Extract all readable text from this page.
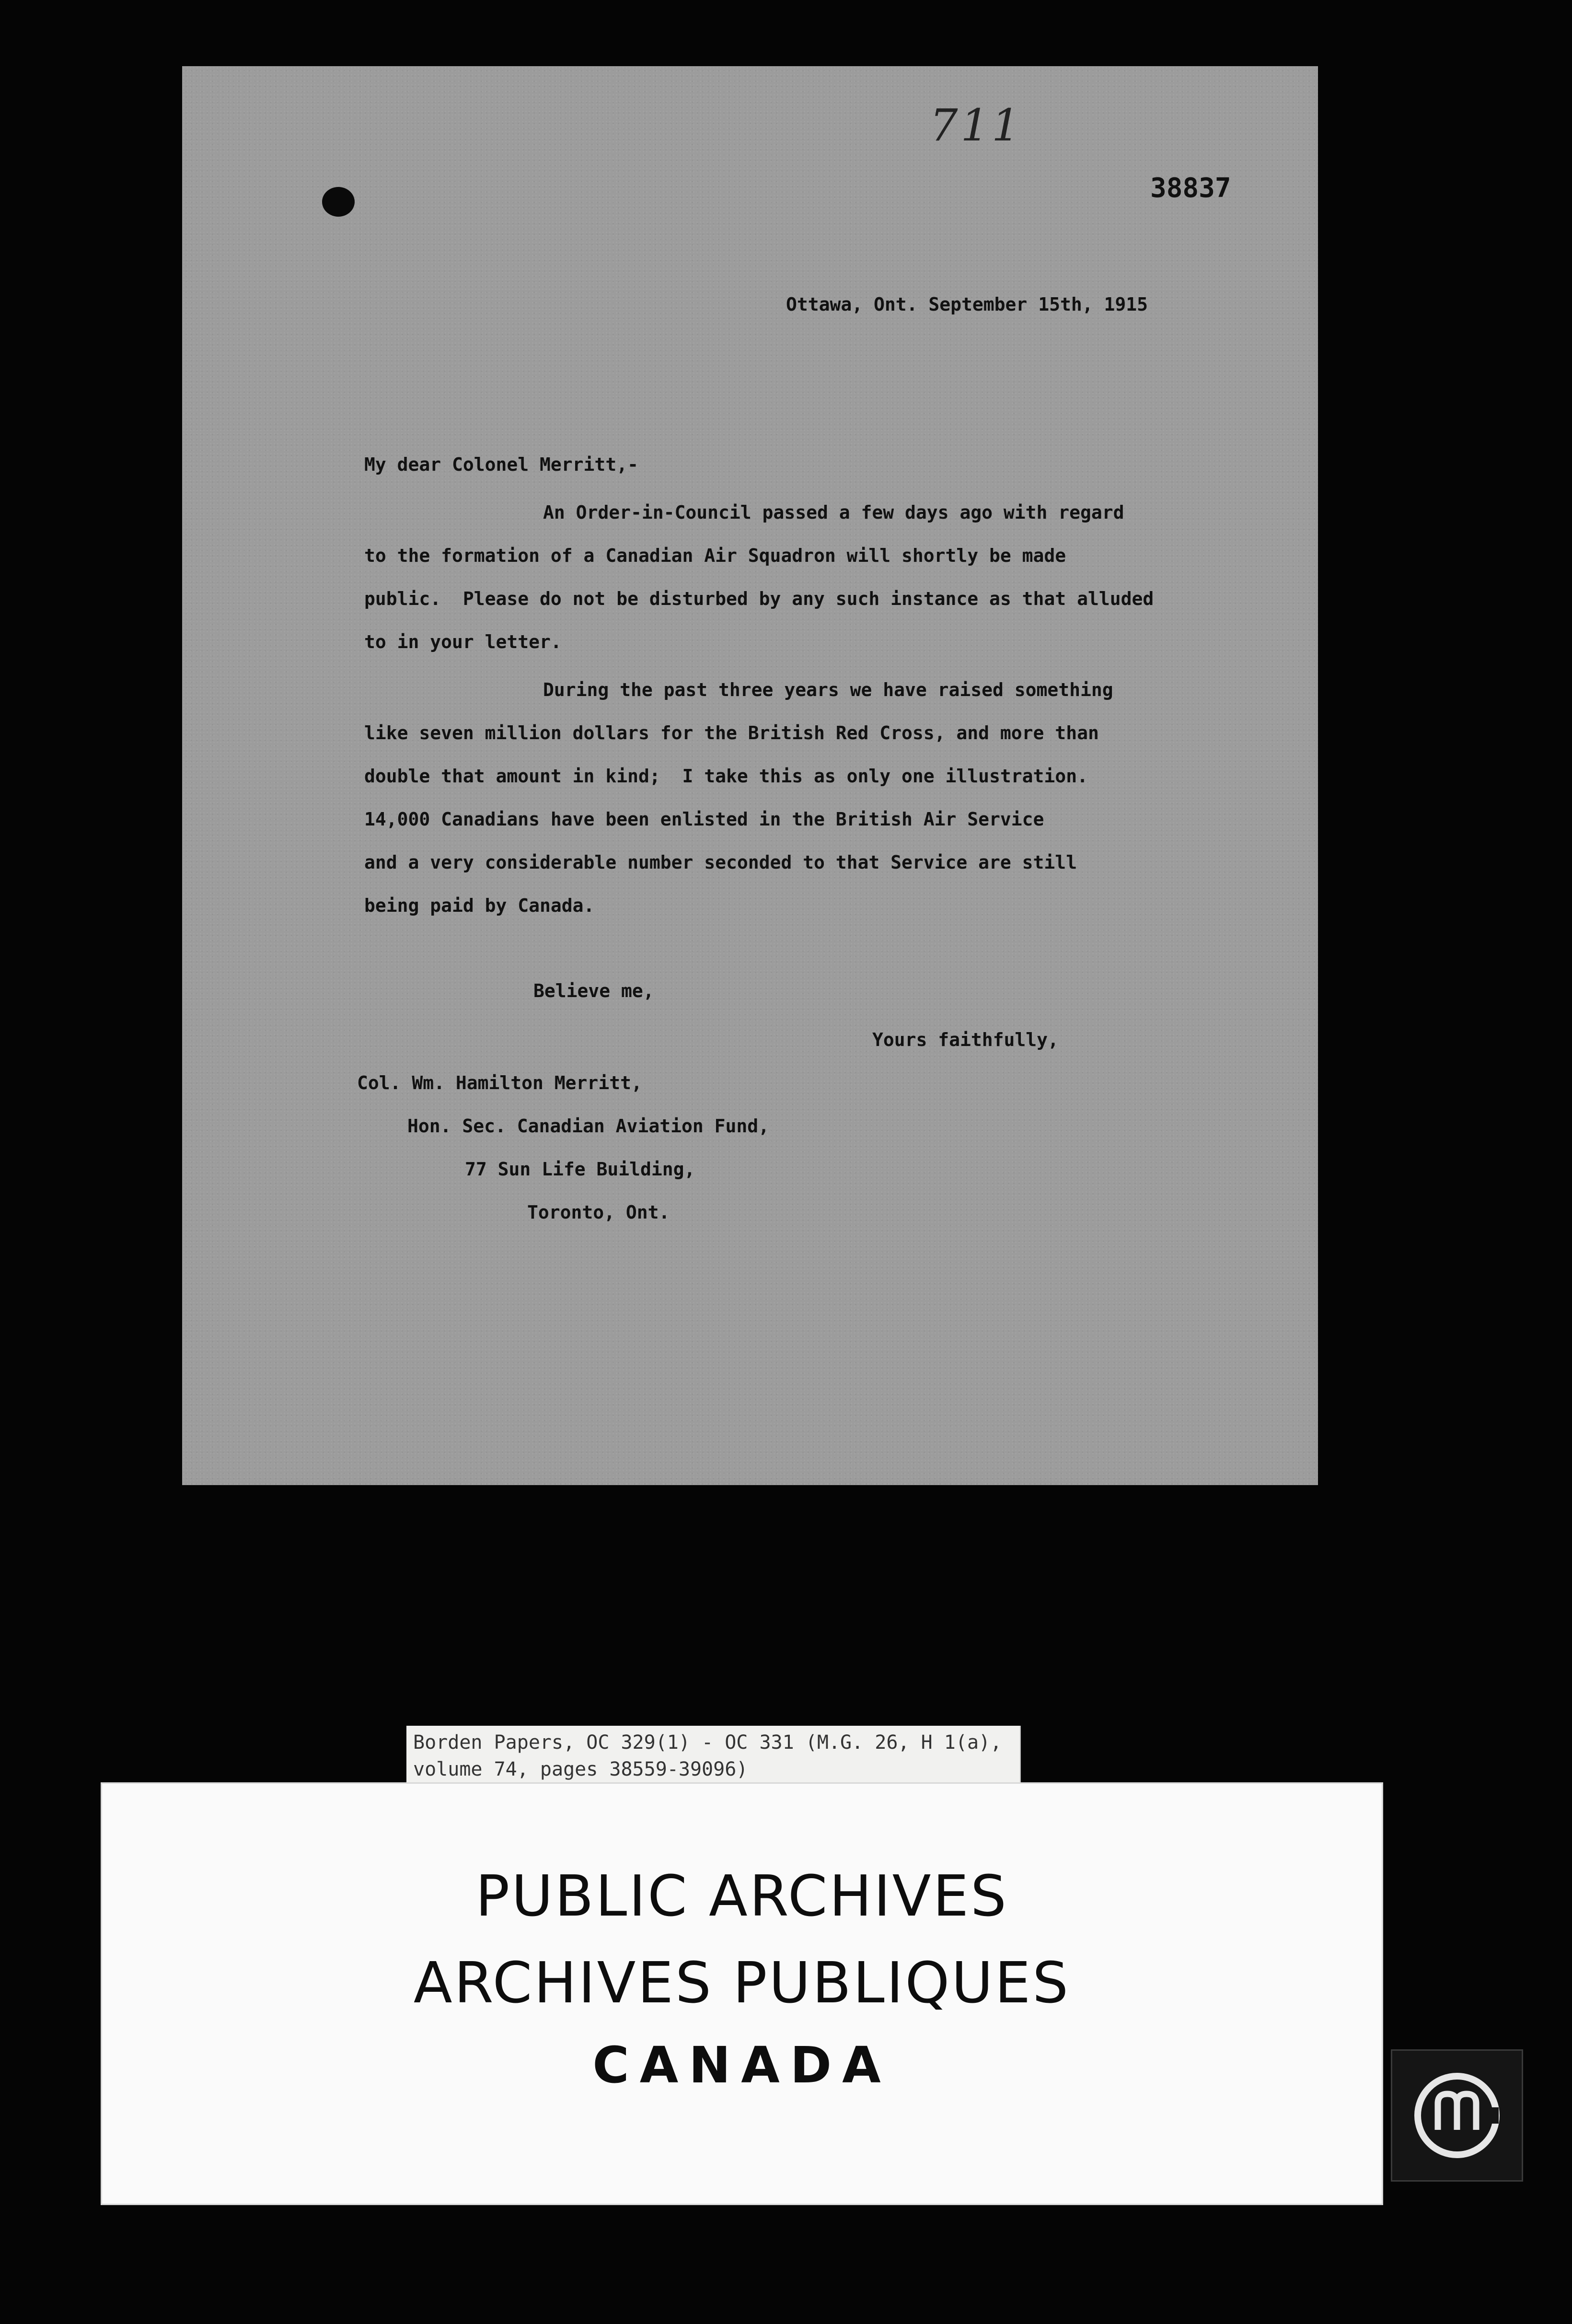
711
38837

Ottawa, Ont. September 15th, 1915

My dear Colonel Merritt,-

An Order-in-Council passed a few days ago with regard

to the formation of a Canadian Air Squadron will shortly be made

public.  Please do not be disturbed by any such instance as that alluded

to in your letter.

During the past three years we have raised something

like seven million dollars for the British Red Cross, and more than

double that amount in kind;  I take this as only one illustration.

14,000 Canadians have been enlisted in the British Air Service

and a very considerable number seconded to that Service are still

being paid by Canada.

Believe me,

Yours faithfully,

Col. Wm. Hamilton Merritt,

Hon. Sec. Canadian Aviation Fund,

77 Sun Life Building,

Toronto, Ont.

Borden Papers, OC 329(1) - OC 331 (M.G. 26, H 1(a),
volume 74, pages 38559-39096)

PUBLIC ARCHIVES

ARCHIVES PUBLIQUES

CANADA
